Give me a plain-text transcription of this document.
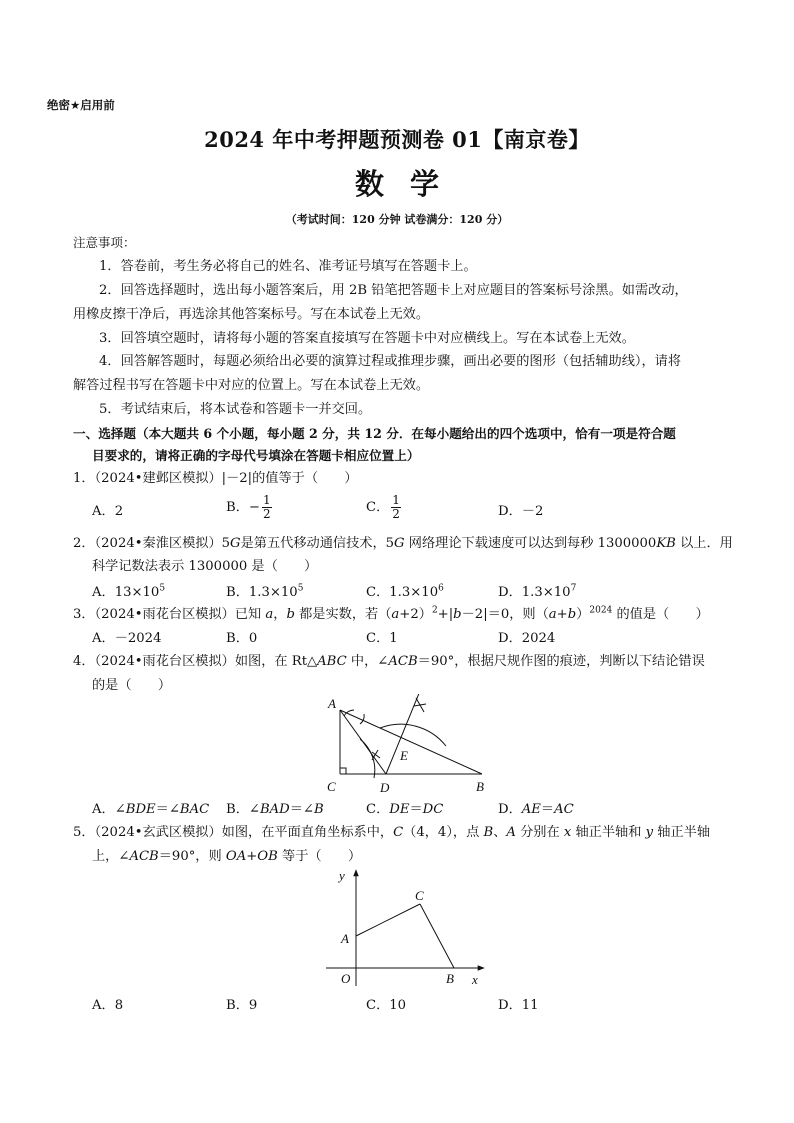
绝密★启用前
2024 年中考押题预测卷 01【南京卷】
数学
（考试时间：120 分钟 试卷满分：120 分）
注意事项：
1．答卷前，考生务必将自己的姓名、准考证号填写在答题卡上。
2．回答选择题时，选出每小题答案后，用 2B 铅笔把答题卡上对应题目的答案标号涂黑。如需改动，
用橡皮擦干净后，再选涂其他答案标号。写在本试卷上无效。
3．回答填空题时，请将每小题的答案直接填写在答题卡中对应横线上。写在本试卷上无效。
4．回答解答题时，每题必须给出必要的演算过程或推理步骤，画出必要的图形（包括辅助线），请将
解答过程书写在答题卡中对应的位置上。写在本试卷上无效。
5．考试结束后，将本试卷和答题卡一并交回。
一、选择题（本大题共 6 个小题，每小题 2 分，共 12 分．在每小题给出的四个选项中，恰有一项是符合题
目要求的，请将正确的字母代号填涂在答题卡相应位置上）
1．（2024•建邺区模拟）|－2|的值等于（　　）
A．2	B．− $\frac{1}{2}$	C． $\frac{1}{2}$	D．－2
2．（2024•秦淮区模拟）5G是第五代移动通信技术，5G 网络理论下载速度可以达到每秒 1300000KB 以上．用
科学记数法表示 1300000 是（　　）
A．$13\times 10^5$	B．$1.3\times 10^5$	C．$1.3\times 10^6$	D．$1.3\times 10^7$
3．（2024•雨花台区模拟）已知 a，b 都是实数，若$(a+2)^2+|b-2|=0$，则$(a+b)^{2024}$ 的值是（　　）
A．－2024	B．0	C．1	D．2024
4．（2024•雨花台区模拟）如图，在 Rt△ABC 中，∠ACB＝90°，根据尺规作图的痕迹，判断以下结论错误
的是（　　）
A
C	D
E
B
A．∠BDE＝∠BAC B．∠BAD＝∠B	C．DE＝DC	D．AE＝AC
5．（2024•玄武区模拟）如图，在平面直角坐标系中，C（4，4），点 B、A 分别在 x 轴正半轴和 y 轴正半轴
上，∠ACB＝90°，则 OA+OB 等于（　　）
y
x
O
A
B
C
A．8	B．9	C．10	D．11
